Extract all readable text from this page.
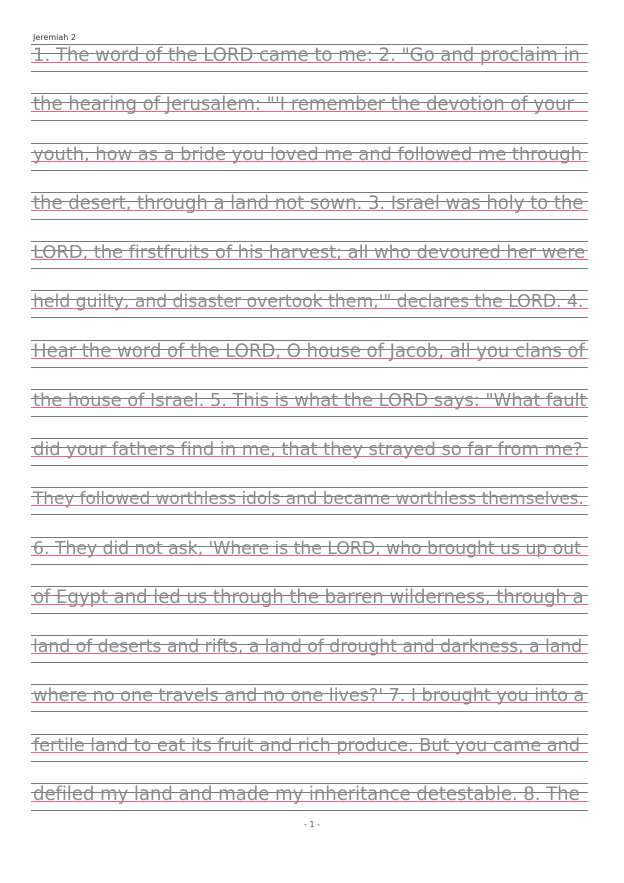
Jeremiah 2
1. The word of the LORD came to me: 2. "Go and proclaim in
the hearing of Jerusalem: "'I remember the devotion of your
youth, how as a bride you loved me and followed me through
the desert, through a land not sown. 3. Israel was holy to the
LORD, the firstfruits of his harvest; all who devoured her were
held guilty, and disaster overtook them,'" declares the LORD. 4.
Hear the word of the LORD, O house of Jacob, all you clans of
the house of Israel. 5. This is what the LORD says: "What fault
did your fathers find in me, that they strayed so far from me?
They followed worthless idols and became worthless themselves.
6. They did not ask, 'Where is the LORD, who brought us up out
of Egypt and led us through the barren wilderness, through a
land of deserts and rifts, a land of drought and darkness, a land
where no one travels and no one lives?' 7. I brought you into a
fertile land to eat its fruit and rich produce. But you came and
defiled my land and made my inheritance detestable. 8. The
- 1 -
